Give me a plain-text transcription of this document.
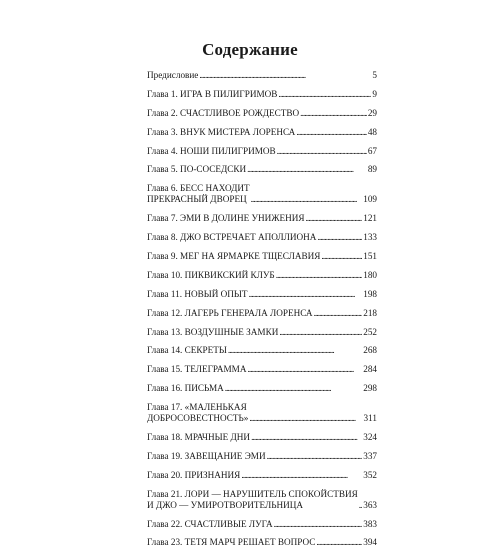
Содержание
Предисловие . . .	5
Глава 1. ИГРА В ПИЛИГРИМОВ . . .	9
Глава 2. СЧАСТЛИВОЕ РОЖДЕСТВО . . .	29
Глава 3. ВНУК МИСТЕРА ЛОРЕНСА . . .	48
Глава 4. НОШИ ПИЛИГРИМОВ . . .	67
Глава 5. ПО-СОСЕДСКИ . . .	89
Глава 6. БЕСС НАХОДИТ
ПРЕКРАСНЫЙ ДВОРЕЦ . . .	109
Глава 7. ЭМИ В ДОЛИНЕ УНИЖЕНИЯ . . .	121
Глава 8. ДЖО ВСТРЕЧАЕТ АПОЛЛИОНА . . .	133
Глава 9. МЕГ НА ЯРМАРКЕ ТЩЕСЛАВИЯ . . .	151
Глава 10. ПИКВИКСКИЙ КЛУБ . . .	180
Глава 11. НОВЫЙ ОПЫТ . . .	198
Глава 12. ЛАГЕРЬ ГЕНЕРАЛА ЛОРЕНСА . . .	218
Глава 13. ВОЗДУШНЫЕ ЗАМКИ . . .	252
Глава 14. СЕКРЕТЫ . . .	268
Глава 15. ТЕЛЕГРАММА . . .	284
Глава 16. ПИСЬМА . . .	298
Глава 17. «МАЛЕНЬКАЯ
ДОБРОСОВЕСТНОСТЬ» . . .	311
Глава 18. МРАЧНЫЕ ДНИ . . .	324
Глава 19. ЗАВЕЩАНИЕ ЭМИ . . .	337
Глава 20. ПРИЗНАНИЯ . . .	352
Глава 21. ЛОРИ — НАРУШИТЕЛЬ СПОКОЙСТВИЯ
И ДЖО — УМИРОТВОРИТЕЛЬНИЦА . . .	363
Глава 22. СЧАСТЛИВЫЕ ЛУГА . . .	383
Глава 23. ТЕТЯ МАРЧ РЕШАЕТ ВОПРОС . . .	394
